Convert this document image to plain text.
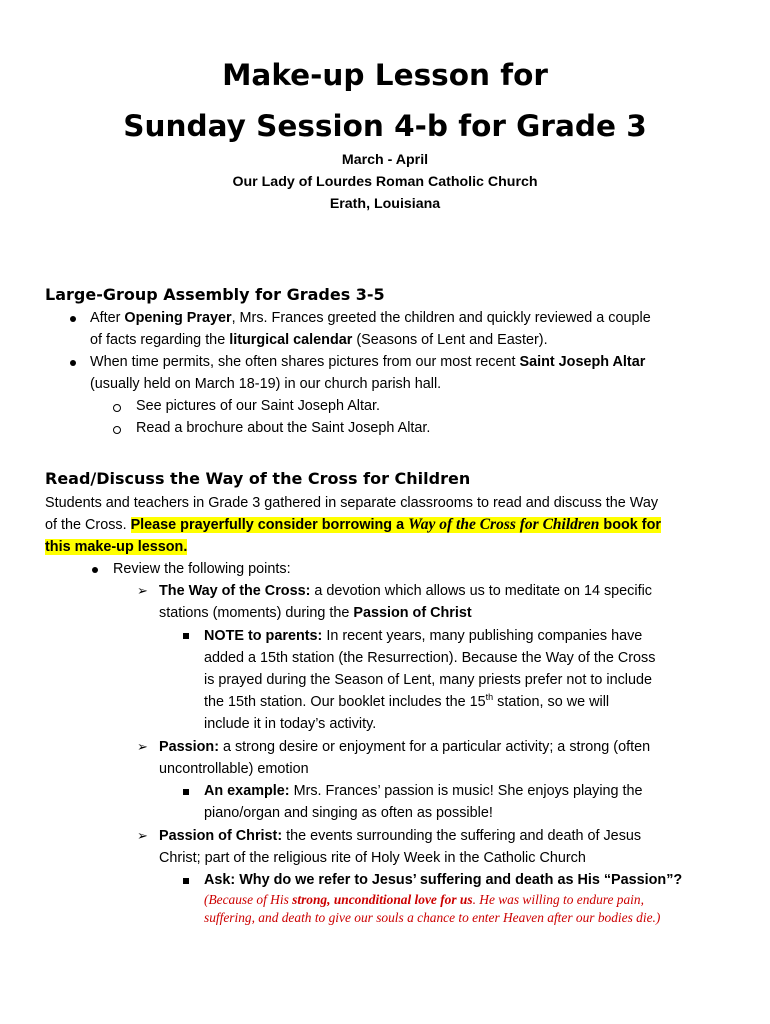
Make-up Lesson for
Sunday Session 4-b for Grade 3
March - April
Our Lady of Lourdes Roman Catholic Church
Erath, Louisiana
Large-Group Assembly for Grades 3-5
After Opening Prayer, Mrs. Frances greeted the children and quickly reviewed a couple
of facts regarding the liturgical calendar (Seasons of Lent and Easter).
When time permits, she often shares pictures from our most recent Saint Joseph Altar
(usually held on March 18-19) in our church parish hall.
See pictures of our Saint Joseph Altar.
Read a brochure about the Saint Joseph Altar.
Read/Discuss the Way of the Cross for Children
Students and teachers in Grade 3 gathered in separate classrooms to read and discuss the Way
of the Cross. Please prayerfully consider borrowing a Way of the Cross for Children book for
this make-up lesson.
Review the following points:
➢ The Way of the Cross: a devotion which allows us to meditate on 14 specific
stations (moments) during the Passion of Christ
NOTE to parents: In recent years, many publishing companies have
added a 15th station (the Resurrection). Because the Way of the Cross
is prayed during the Season of Lent, many priests prefer not to include
the 15th station. Our booklet includes the 15th station, so we will
include it in today’s activity.
➢ Passion: a strong desire or enjoyment for a particular activity; a strong (often
uncontrollable) emotion
An example: Mrs. Frances’ passion is music! She enjoys playing the
piano/organ and singing as often as possible!
➢ Passion of Christ: the events surrounding the suffering and death of Jesus
Christ; part of the religious rite of Holy Week in the Catholic Church
Ask: Why do we refer to Jesus’ suffering and death as His “Passion”?
(Because of His strong, unconditional love for us. He was willing to endure pain,
suffering, and death to give our souls a chance to enter Heaven after our bodies die.)
